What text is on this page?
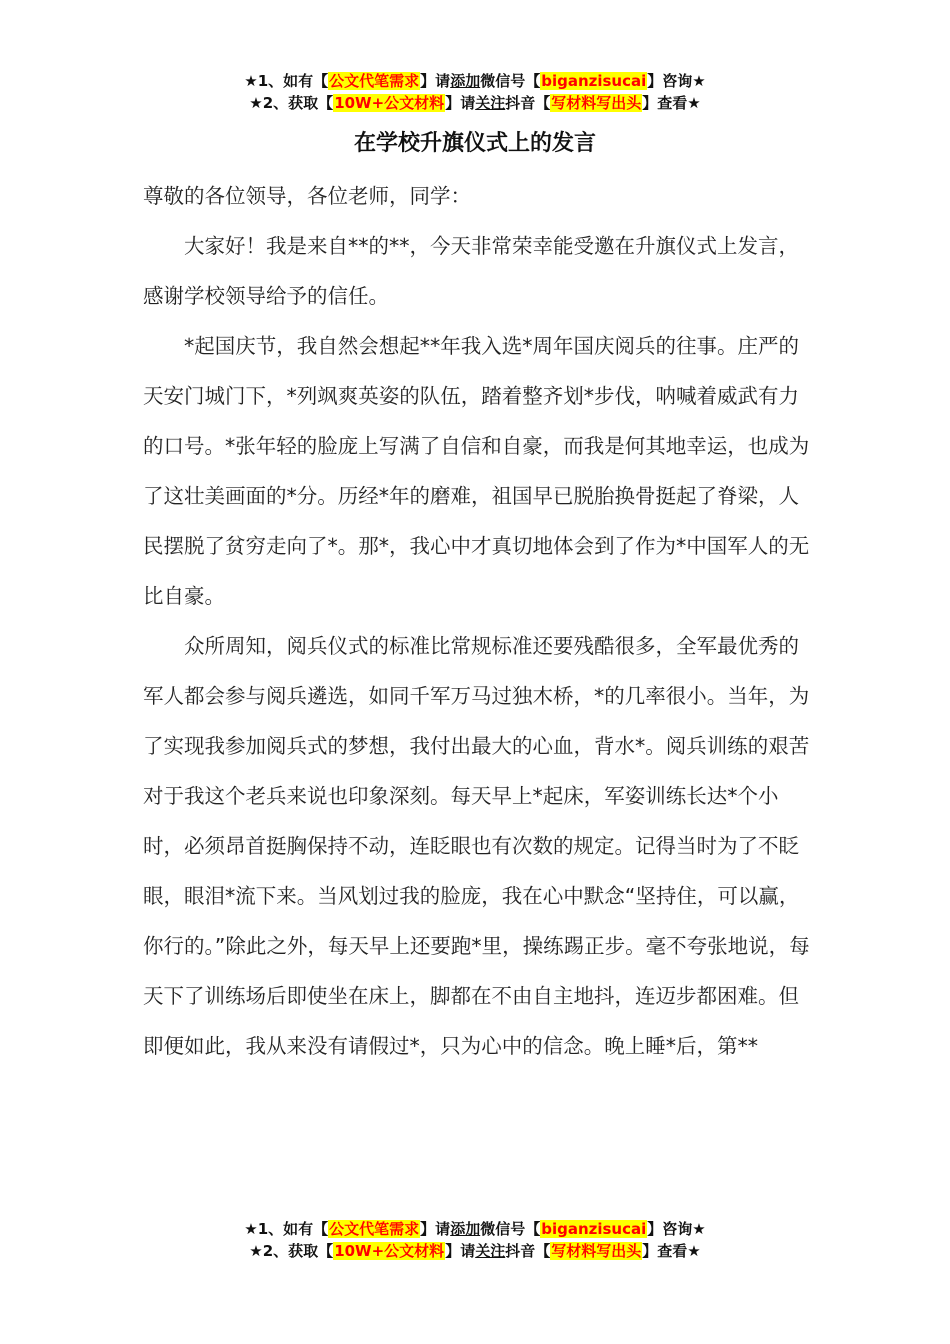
★1、如有【公文代笔需求】请添加微信号【biganzisucai】咨询★
★2、获取【10W+公文材料】请关注抖音【写材料写出头】查看★
在学校升旗仪式上的发言

尊敬的各位领导，各位老师，同学：

大家好！我是来自**的**，今天非常荣幸能受邀在升旗仪式上发言，感谢学校领导给予的信任。

*起国庆节，我自然会想起**年我入选*周年国庆阅兵的往事。庄严的天安门城门下，*列飒爽英姿的队伍，踏着整齐划*步伐，呐喊着威武有力的口号。*张年轻的脸庞上写满了自信和自豪，而我是何其地幸运，也成为了这壮美画面的*分。历经*年的磨难，祖国早已脱胎换骨挺起了脊梁，人民摆脱了贫穷走向了*。那*，我心中才真切地体会到了作为*中国军人的无比自豪。

众所周知，阅兵仪式的标准比常规标准还要残酷很多，全军最优秀的军人都会参与阅兵遴选，如同千军万马过独木桥，*的几率很小。当年，为了实现我参加阅兵式的梦想，我付出最大的心血，背水*。阅兵训练的艰苦对于我这个老兵来说也印象深刻。每天早上*起床，军姿训练长达*个小时，必须昂首挺胸保持不动，连眨眼也有次数的规定。记得当时为了不眨眼，眼泪*流下来。当风划过我的脸庞，我在心中默念“坚持住，可以赢，你行的。”除此之外，每天早上还要跑*里，操练踢正步。毫不夸张地说，每天下了训练场后即使坐在床上，脚都在不由自主地抖，连迈步都困难。但即便如此，我从来没有请假过*，只为心中的信念。晚上睡*后，第**

★1、如有【公文代笔需求】请添加微信号【biganzisucai】咨询★
★2、获取【10W+公文材料】请关注抖音【写材料写出头】查看★
